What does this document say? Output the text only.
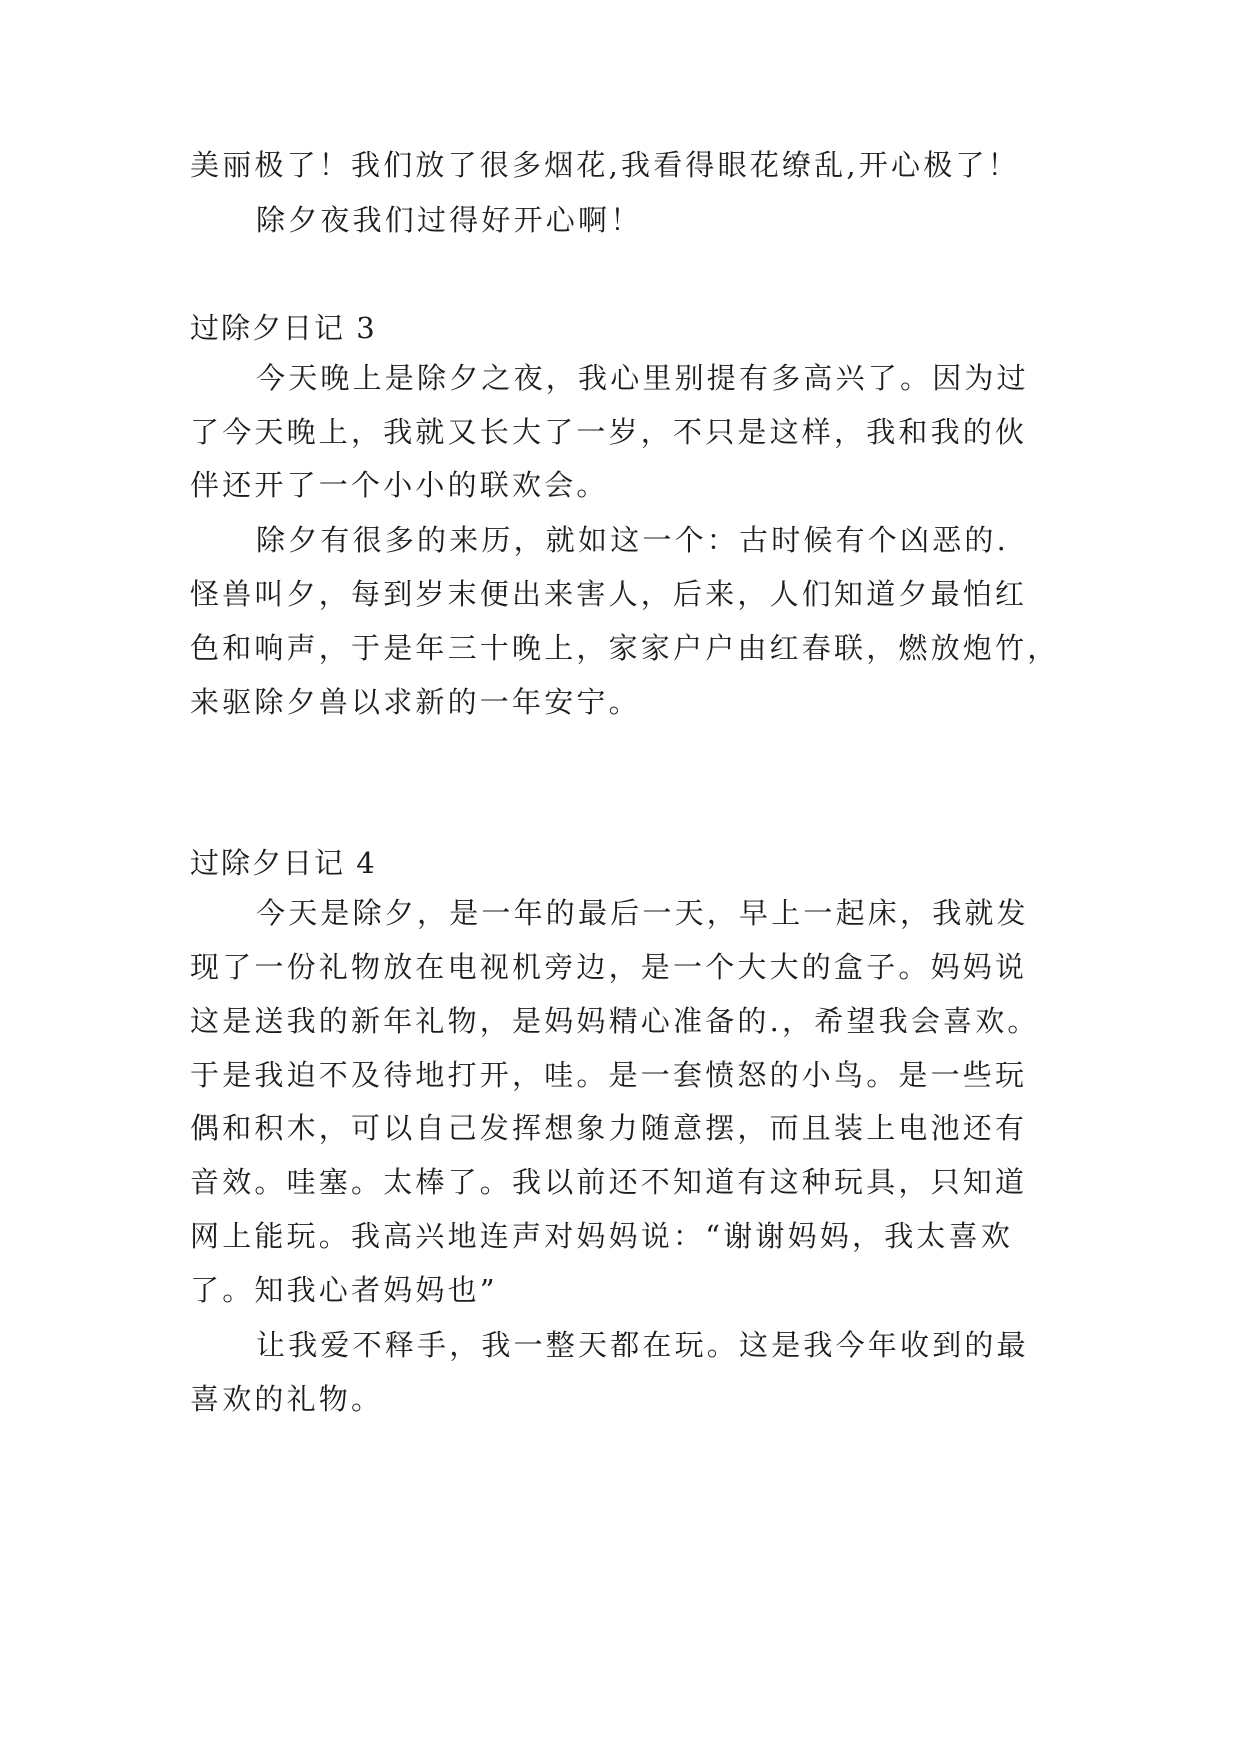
美丽极了！我们放了很多烟花,我看得眼花缭乱,开心极了！
除夕夜我们过得好开心啊！
过除夕日记 3
今天晚上是除夕之夜，我心里别提有多高兴了。因为过
了今天晚上，我就又长大了一岁，不只是这样，我和我的伙
伴还开了一个小小的联欢会。
除夕有很多的来历，就如这一个：古时候有个凶恶的.
怪兽叫夕，每到岁末便出来害人，后来，人们知道夕最怕红
色和响声，于是年三十晚上，家家户户由红春联，燃放炮竹，
来驱除夕兽以求新的一年安宁。
过除夕日记 4
今天是除夕，是一年的最后一天，早上一起床，我就发
现了一份礼物放在电视机旁边，是一个大大的盒子。妈妈说
这是送我的新年礼物，是妈妈精心准备的.，希望我会喜欢。
于是我迫不及待地打开，哇。是一套愤怒的小鸟。是一些玩
偶和积木，可以自己发挥想象力随意摆，而且装上电池还有
音效。哇塞。太棒了。我以前还不知道有这种玩具，只知道
网上能玩。我高兴地连声对妈妈说：“谢谢妈妈，我太喜欢
了。知我心者妈妈也”
让我爱不释手，我一整天都在玩。这是我今年收到的最
喜欢的礼物。
